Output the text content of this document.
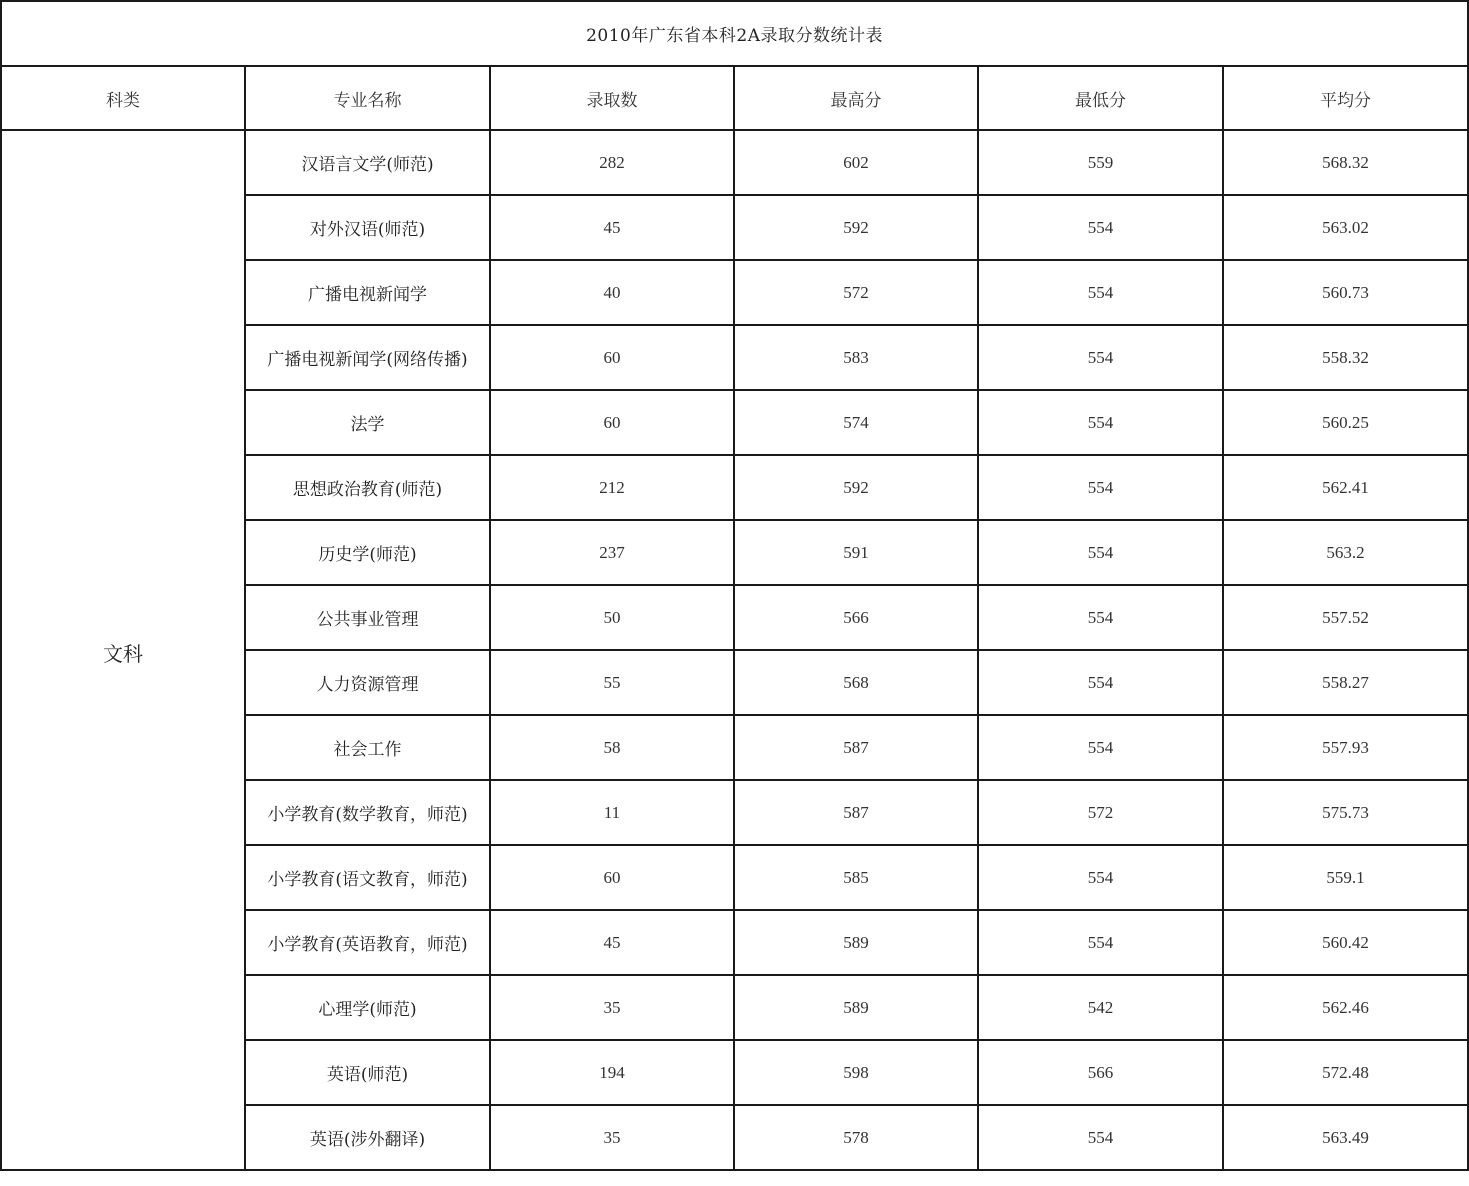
2010年广东省本科2A录取分数统计表					
科类	专业名称	录取数	最高分	最低分	平均分

文科	汉语言文学(师范)	282	602	559	568.32
	对外汉语(师范)	45	592	554	563.02
	广播电视新闻学	40	572	554	560.73
	广播电视新闻学(网络传播)	60	583	554	558.32
	法学	60	574	554	560.25
	思想政治教育(师范)	212	592	554	562.41
	历史学(师范)	237	591	554	563.2
	公共事业管理	50	566	554	557.52
	人力资源管理	55	568	554	558.27
	社会工作	58	587	554	557.93
	小学教育(数学教育，师范)	11	587	572	575.73
	小学教育(语文教育，师范)	60	585	554	559.1
	小学教育(英语教育，师范)	45	589	554	560.42
	心理学(师范)	35	589	542	562.46
	英语(师范)	194	598	566	572.48
	英语(涉外翻译)	35	578	554	563.49
